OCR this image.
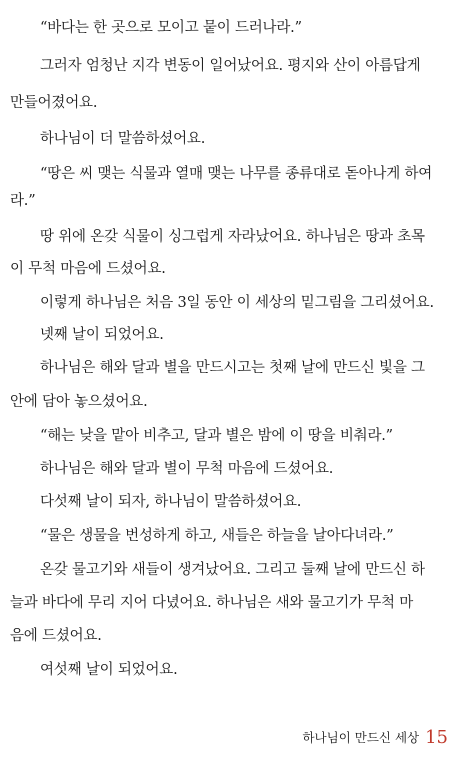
“바다는 한 곳으로 모이고 뭍이 드러나라.”
그러자 엄청난 지각 변동이 일어났어요. 평지와 산이 아름답게
만들어졌어요.
하나님이 더 말씀하셨어요.
“땅은 씨 맺는 식물과 열매 맺는 나무를 종류대로 돋아나게 하여
라.”
땅 위에 온갖 식물이 싱그럽게 자라났어요. 하나님은 땅과 초목
이 무척 마음에 드셨어요.
이렇게 하나님은 처음 3일 동안 이 세상의 밑그림을 그리셨어요.
넷째 날이 되었어요.
하나님은 해와 달과 별을 만드시고는 첫째 날에 만드신 빛을 그
안에 담아 놓으셨어요.
“해는 낮을 맡아 비추고, 달과 별은 밤에 이 땅을 비춰라.”
하나님은 해와 달과 별이 무척 마음에 드셨어요.
다섯째 날이 되자, 하나님이 말씀하셨어요.
“물은 생물을 번성하게 하고, 새들은 하늘을 날아다녀라.”
온갖 물고기와 새들이 생겨났어요. 그리고 둘째 날에 만드신 하
늘과 바다에 무리 지어 다녔어요. 하나님은 새와 물고기가 무척 마
음에 드셨어요.
여섯째 날이 되었어요.
하나님이 만드신 세상 15
